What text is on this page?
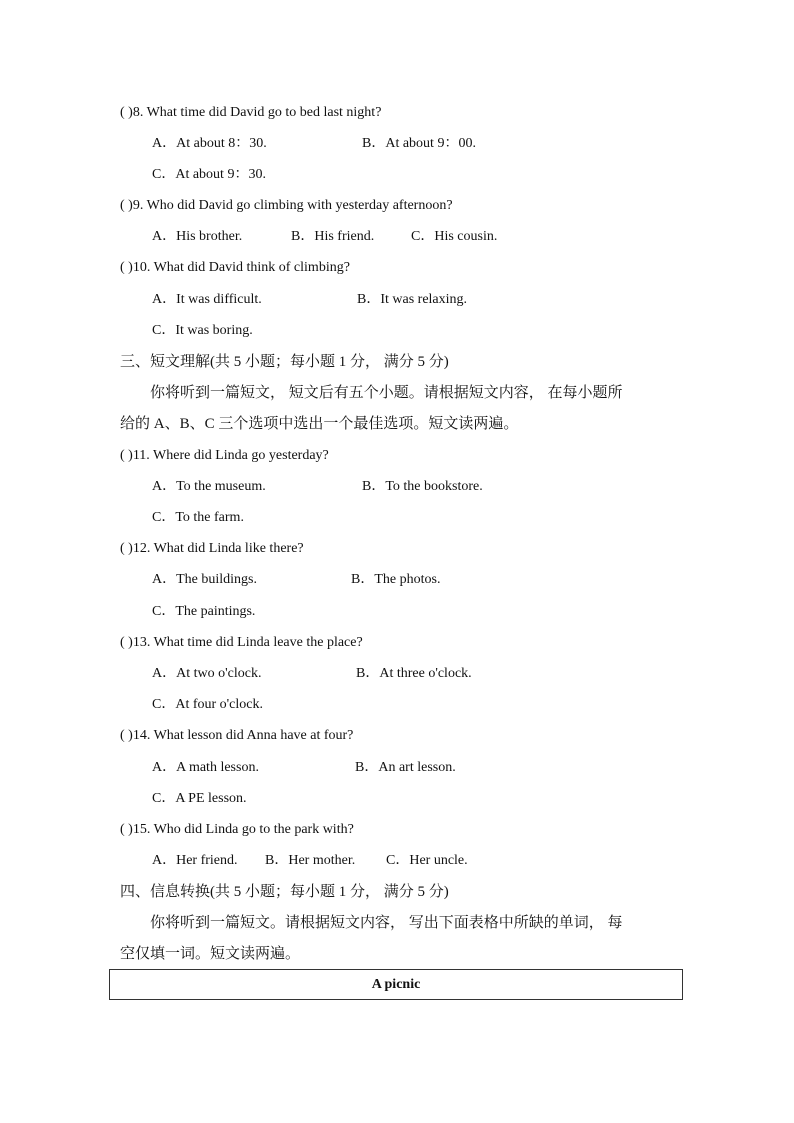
( )8. What time did David go to bed last night?
A．At about 8：30.	B．At about 9：00.
C．At about 9：30.
( )9. Who did David go climbing with yesterday afternoon?
A．His brother.	B．His friend.	C．His cousin.
( )10. What did David think of climbing?
A．It was difficult.	B．It was relaxing.
C．It was boring.
三、短文理解(共 5 小题；每小题 1 分， 满分 5 分)
你将听到一篇短文， 短文后有五个小题。请根据短文内容， 在每小题所
给的 A、B、C 三个选项中选出一个最佳选项。短文读两遍。
( )11. Where did Linda go yesterday?
A．To the museum.	B．To the bookstore.
C．To the farm.
( )12. What did Linda like there?
A．The buildings.	B．The photos.
C．The paintings.
( )13. What time did Linda leave the place?
A．At two o'clock.	B．At three o'clock.
C．At four o'clock.
( )14. What lesson did Anna have at four?
A．A math lesson.	B．An art lesson.
C．A PE lesson.
( )15. Who did Linda go to the park with?
A．Her friend. B．Her mother. C．Her uncle.
四、信息转换(共 5 小题；每小题 1 分， 满分 5 分)
你将听到一篇短文。请根据短文内容， 写出下面表格中所缺的单词， 每
空仅填一词。短文读两遍。
A picnic
